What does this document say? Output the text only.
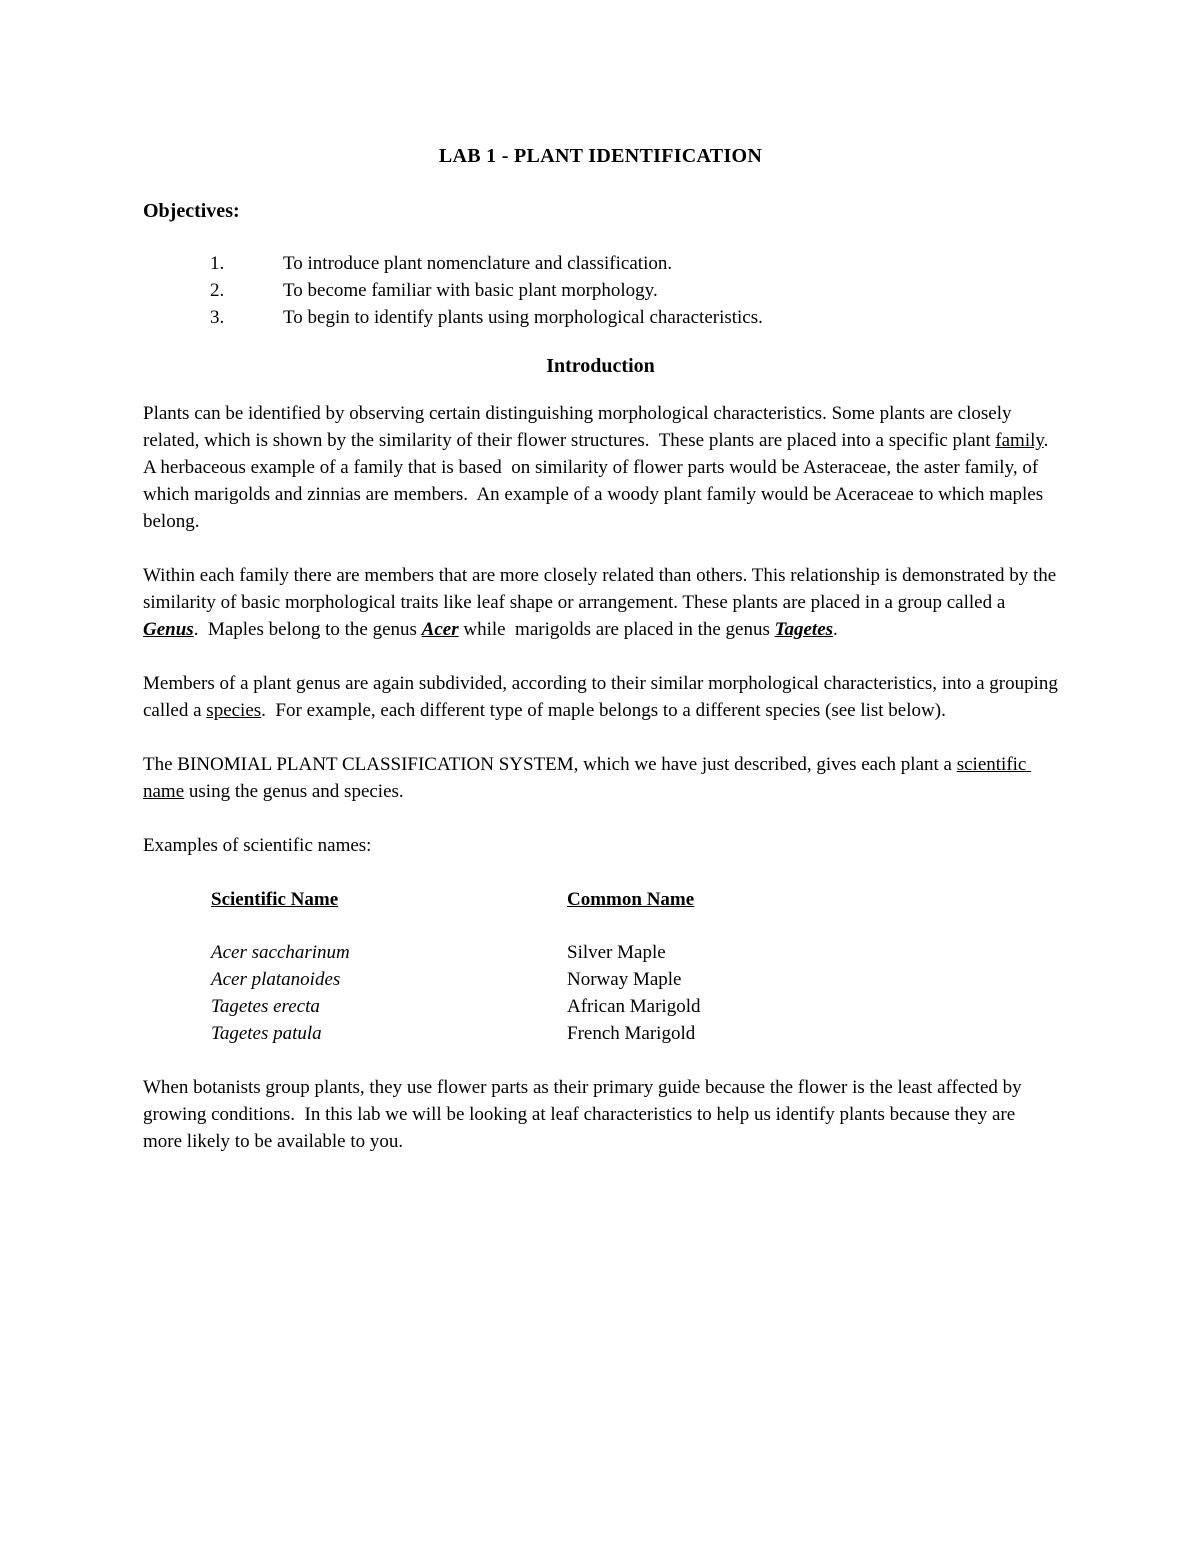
LAB 1 - PLANT IDENTIFICATION
Objectives:
1.	To introduce plant nomenclature and classification.
2.	To become familiar with basic plant morphology.
3.	To begin to identify plants using morphological characteristics.
Introduction

Plants can be identified by observing certain distinguishing morphological characteristics. Some plants are closely related, which is shown by the similarity of their flower structures.  These plants are placed into a specific plant family.  A herbaceous example of a family that is based  on similarity of flower parts would be Asteraceae, the aster family, of which marigolds and zinnias are members.  An example of a woody plant family would be Aceraceae to which maples belong.

Within each family there are members that are more closely related than others. This relationship is demonstrated by the similarity of basic morphological traits like leaf shape or arrangement. These plants are placed in a group called a Genus.  Maples belong to the genus Acer while  marigolds are placed in the genus Tagetes.

Members of a plant genus are again subdivided, according to their similar morphological characteristics, into a grouping called a species.  For example, each different type of maple belongs to a different species (see list below).

The BINOMIAL PLANT CLASSIFICATION SYSTEM, which we have just described, gives each plant a scientific name using the genus and species.

Examples of scientific names:

Scientific Name	Common Name
Acer saccharinum	Silver Maple
Acer platanoides	Norway Maple
Tagetes erecta	African Marigold
Tagetes patula	French Marigold

When botanists group plants, they use flower parts as their primary guide because the flower is the least affected by growing conditions.  In this lab we will be looking at leaf characteristics to help us identify plants because they are more likely to be available to you.
